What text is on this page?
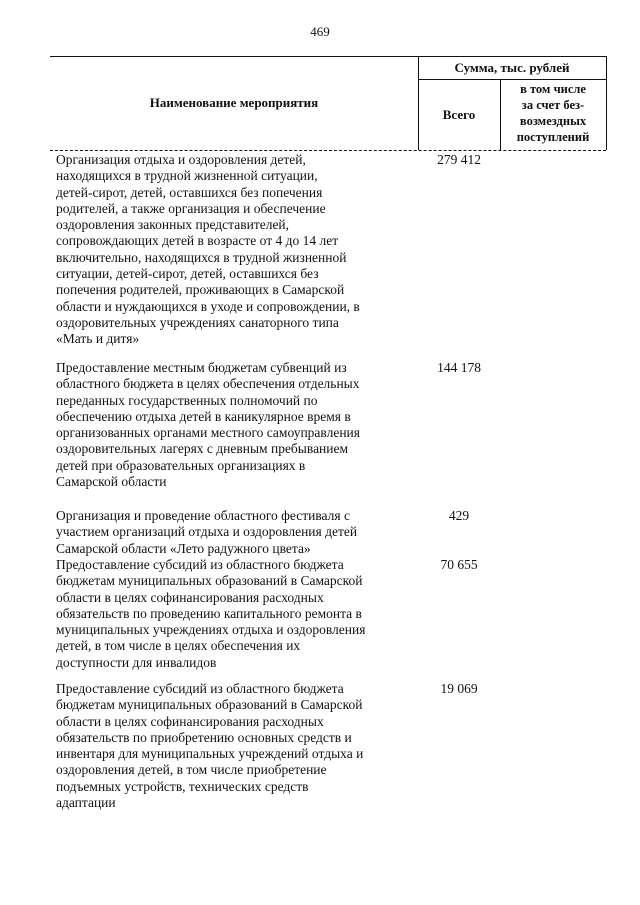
469
Наименование мероприятия
Сумма, тыс. рублей
Всего
в том числе
за счет без-
возмездных
поступлений
Организация отдыха и оздоровления детей,
находящихся в трудной жизненной ситуации,
детей-сирот, детей, оставшихся без попечения
родителей, а также организация и обеспечение
оздоровления законных представителей,
сопровождающих детей в возрасте от 4 до 14 лет
включительно, находящихся в трудной жизненной
ситуации, детей-сирот, детей, оставшихся без
попечения родителей, проживающих в Самарской
области и нуждающихся в уходе и сопровождении, в
оздоровительных учреждениях санаторного типа
«Мать и дитя»
279 412
Предоставление местным бюджетам субвенций из
областного бюджета в целях обеспечения отдельных
переданных государственных полномочий по
обеспечению отдыха детей в каникулярное время в
организованных органами местного самоуправления
оздоровительных лагерях с дневным пребыванием
детей при образовательных организациях в
Самарской области
144 178
Организация и проведение областного фестиваля с
участием организаций отдыха и оздоровления детей
Самарской области «Лето радужного цвета»
429
Предоставление субсидий из областного бюджета
бюджетам муниципальных образований в Самарской
области в целях софинансирования расходных
обязательств по проведению капитального ремонта в
муниципальных учреждениях отдыха и оздоровления
детей, в том числе в целях обеспечения их
доступности для инвалидов
70 655
Предоставление субсидий из областного бюджета
бюджетам муниципальных образований в Самарской
области в целях софинансирования расходных
обязательств по приобретению основных средств и
инвентаря для муниципальных учреждений отдыха и
оздоровления детей, в том числе приобретение
подъемных устройств, технических средств
адаптации
19 069
